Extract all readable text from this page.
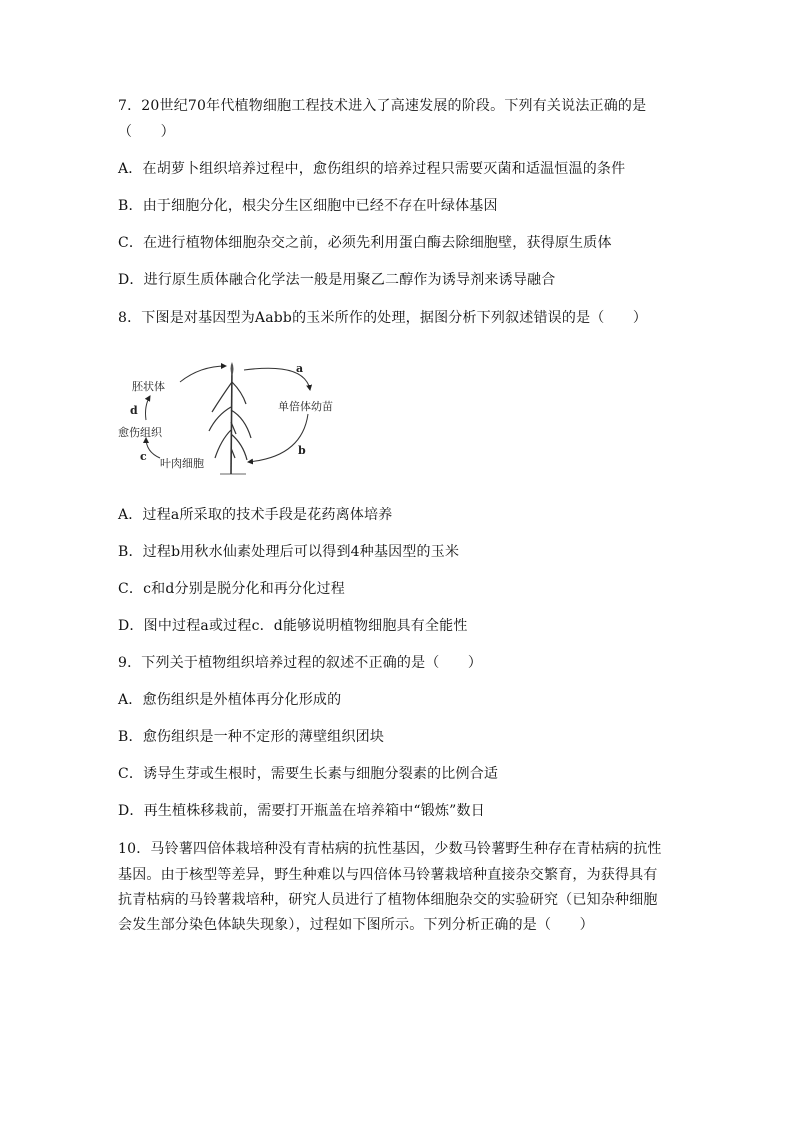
7．20世纪70年代植物细胞工程技术进入了高速发展的阶段。下列有关说法正确的是
（　　）
A．在胡萝卜组织培养过程中，愈伤组织的培养过程只需要灭菌和适温恒温的条件
B．由于细胞分化，根尖分生区细胞中已经不存在叶绿体基因
C．在进行植物体细胞杂交之前，必须先利用蛋白酶去除细胞壁，获得原生质体
D．进行原生质体融合化学法一般是用聚乙二醇作为诱导剂来诱导融合
8．下图是对基因型为Aabb的玉米所作的处理，据图分析下列叙述错误的是（　　）
胚状体
愈伤组织
叶肉细胞
单倍体幼苗
a
b
c
d
A．过程a所采取的技术手段是花药离体培养
B．过程b用秋水仙素处理后可以得到4种基因型的玉米
C．c和d分别是脱分化和再分化过程
D．图中过程a或过程c．d能够说明植物细胞具有全能性
9．下列关于植物组织培养过程的叙述不正确的是（　　）
A．愈伤组织是外植体再分化形成的
B．愈伤组织是一种不定形的薄壁组织团块
C．诱导生芽或生根时，需要生长素与细胞分裂素的比例合适
D．再生植株移栽前，需要打开瓶盖在培养箱中“锻炼”数日
10．马铃薯四倍体栽培种没有青枯病的抗性基因，少数马铃薯野生种存在青枯病的抗性
基因。由于核型等差异，野生种难以与四倍体马铃薯栽培种直接杂交繁育，为获得具有
抗青枯病的马铃薯栽培种，研究人员进行了植物体细胞杂交的实验研究（已知杂种细胞
会发生部分染色体缺失现象），过程如下图所示。下列分析正确的是（　　）
